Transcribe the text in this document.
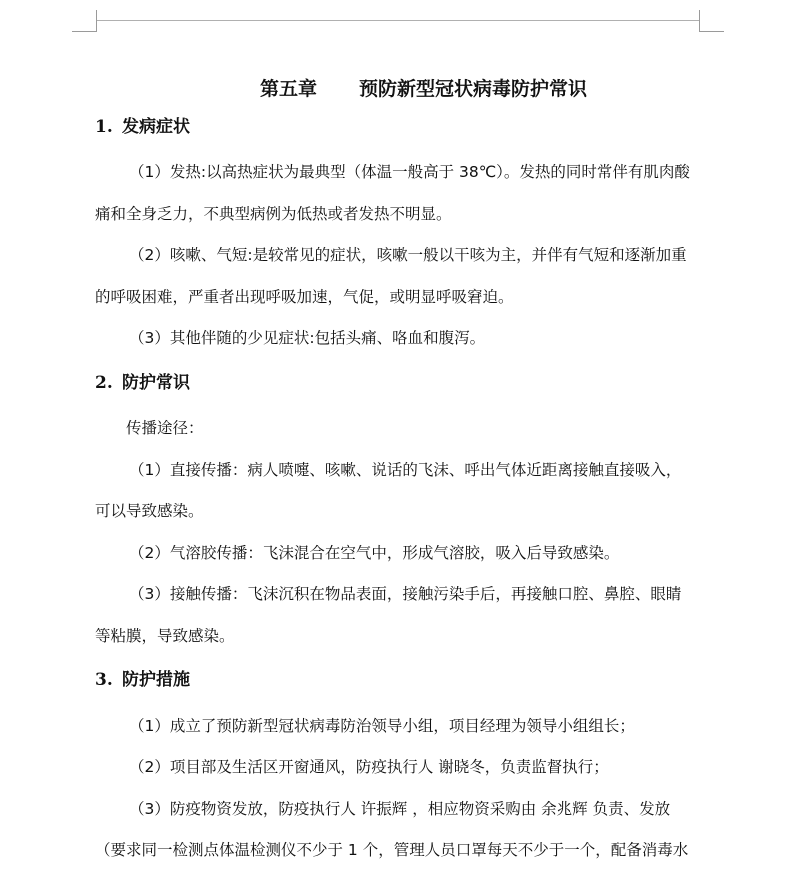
第五章 预防新型冠状病毒防护常识
1. 发病症状
（1）发热:以高热症状为最典型（体温一般高于 38℃）。发热的同时常伴有肌肉酸
痛和全身乏力，不典型病例为低热或者发热不明显。
（2）咳嗽、气短:是较常见的症状，咳嗽一般以干咳为主，并伴有气短和逐渐加重
的呼吸困难，严重者出现呼吸加速，气促，或明显呼吸窘迫。
（3）其他伴随的少见症状:包括头痛、咯血和腹泻。
2. 防护常识
传播途径：
（1）直接传播：病人喷嚏、咳嗽、说话的飞沫、呼出气体近距离接触直接吸入，
可以导致感染。
（2）气溶胶传播：飞沫混合在空气中，形成气溶胶，吸入后导致感染。
（3）接触传播：飞沫沉积在物品表面，接触污染手后，再接触口腔、鼻腔、眼睛
等粘膜，导致感染。
3. 防护措施
（1）成立了预防新型冠状病毒防治领导小组，项目经理为领导小组组长；
（2）项目部及生活区开窗通风，防疫执行人 谢晓冬，负责监督执行；
（3）防疫物资发放，防疫执行人 许振辉 ，相应物资采购由 余兆辉 负责、发放
（要求同一检测点体温检测仪不少于 1 个，管理人员口罩每天不少于一个，配备消毒水
